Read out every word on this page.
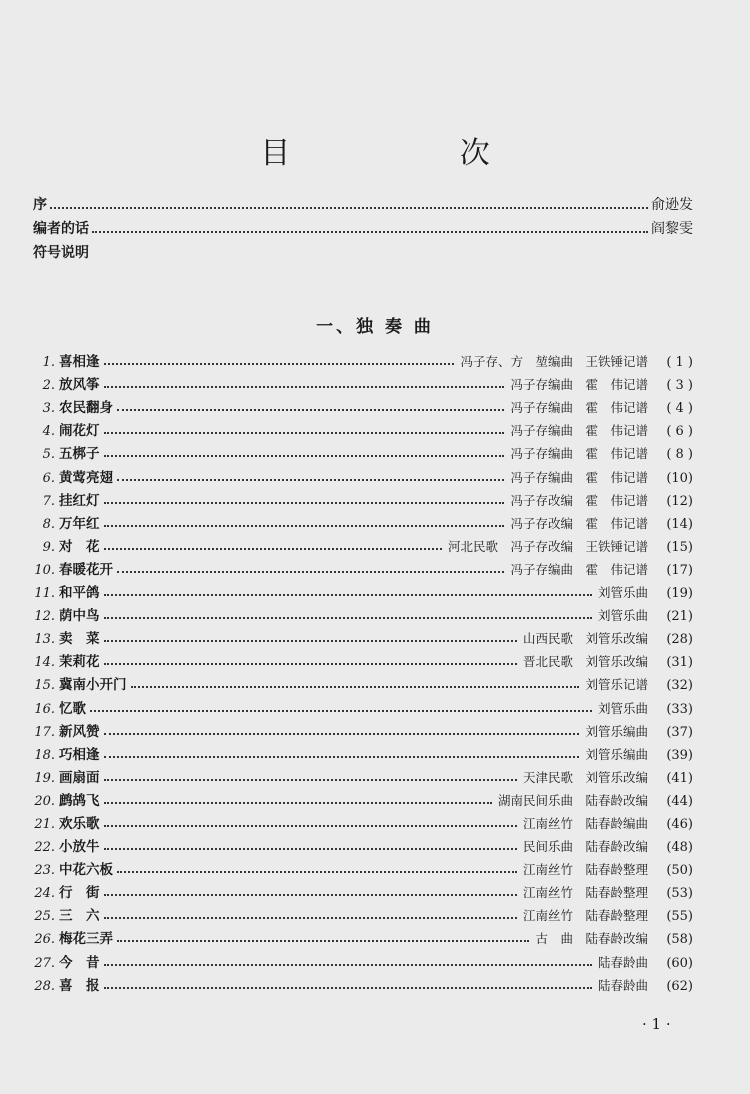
目 次
序	俞逊发
编者的话	阎黎雯
符号说明
一、独 奏 曲
1. 喜相逢	冯子存、方　堃编曲　王铁锤记谱	( 1 )
2. 放风筝	冯子存编曲　霍　伟记谱	( 3 )
3. 农民翻身	冯子存编曲　霍　伟记谱	( 4 )
4. 闹花灯	冯子存编曲　霍　伟记谱	( 6 )
5. 五梆子	冯子存编曲　霍　伟记谱	( 8 )
6. 黄莺亮翅	冯子存编曲　霍　伟记谱	(10)
7. 挂红灯	冯子存改编　霍　伟记谱	(12)
8. 万年红	冯子存改编　霍　伟记谱	(14)
9. 对　花	河北民歌　冯子存改编　王铁锤记谱	(15)
10. 春暖花开	冯子存编曲　霍　伟记谱	(17)
11. 和平鸽	刘管乐曲	(19)
12. 荫中鸟	刘管乐曲	(21)
13. 卖　菜	山西民歌　刘管乐改编	(28)
14. 茉莉花	晋北民歌　刘管乐改编	(31)
15. 冀南小开门	刘管乐记谱	(32)
16. 忆歌	刘管乐曲	(33)
17. 新风赞	刘管乐编曲	(37)
18. 巧相逢	刘管乐编曲	(39)
19. 画扇面	天津民歌　刘管乐改编	(41)
20. 鹧鸪飞	湖南民间乐曲　陆春龄改编	(44)
21. 欢乐歌	江南丝竹　陆春龄编曲	(46)
22. 小放牛	民间乐曲　陆春龄改编	(48)
23. 中花六板	江南丝竹　陆春龄整理	(50)
24. 行　街	江南丝竹　陆春龄整理	(53)
25. 三　六	江南丝竹　陆春龄整理	(55)
26. 梅花三弄	古　曲　陆春龄改编	(58)
27. 今　昔	陆春龄曲	(60)
28. 喜　报	陆春龄曲	(62)
· 1 ·
